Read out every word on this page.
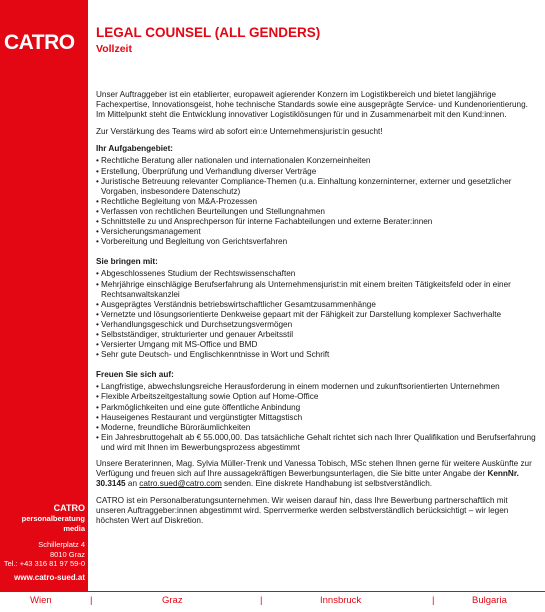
CATRO
CATRO
personalberatung
media
Schillerplatz 4
8010 Graz
Tel.: +43 316 81 97 59-0
www.catro-sued.at
LEGAL COUNSEL (ALL GENDERS)
Vollzeit

Unser Auftraggeber ist ein etablierter, europaweit agierender Konzern im Logistikbereich und bietet langjährige Fachexpertise, Innovationsgeist, hohe technische Standards sowie eine ausgeprägte Service- und Kundenorientierung. Im Mittelpunkt steht die Entwicklung innovativer Logistiklösungen für und in Zusammenarbeit mit den Kund:innen.

Zur Verstärkung des Teams wird ab sofort ein:e Unternehmensjurist:in gesucht!

Ihr Aufgabengebiet:
• Rechtliche Beratung aller nationalen und internationalen Konzerneinheiten
• Erstellung, Überprüfung und Verhandlung diverser Verträge
• Juristische Betreuung relevanter Compliance-Themen (u.a. Einhaltung konzerninterner, externer und gesetzlicher Vorgaben, insbesondere Datenschutz)
• Rechtliche Begleitung von M&A-Prozessen
• Verfassen von rechtlichen Beurteilungen und Stellungnahmen
• Schnittstelle zu und Ansprechperson für interne Fachabteilungen und externe Berater:innen
• Versicherungsmanagement
• Vorbereitung und Begleitung von Gerichtsverfahren
Sie bringen mit:
• Abgeschlossenes Studium der Rechtswissenschaften
• Mehrjährige einschlägige Berufserfahrung als Unternehmensjurist:in mit einem breiten Tätigkeitsfeld oder in einer Rechtsanwaltskanzlei
• Ausgeprägtes Verständnis betriebswirtschaftlicher Gesamtzusammenhänge
• Vernetzte und lösungsorientierte Denkweise gepaart mit der Fähigkeit zur Darstellung komplexer Sachverhalte
• Verhandlungsgeschick und Durchsetzungsvermögen
• Selbstständiger, strukturierter und genauer Arbeitsstil
• Versierter Umgang mit MS-Office und BMD
• Sehr gute Deutsch- und Englischkenntnisse in Wort und Schrift
Freuen Sie sich auf:
• Langfristige, abwechslungsreiche Herausforderung in einem modernen und zukunftsorientierten Unternehmen
• Flexible Arbeitszeitgestaltung sowie Option auf Home-Office
• Parkmöglichkeiten und eine gute öffentliche Anbindung
• Hauseigenes Restaurant und vergünstigter Mittagstisch
• Moderne, freundliche Büroräumlichkeiten
• Ein Jahresbruttogehalt ab € 55.000,00. Das tatsächliche Gehalt richtet sich nach Ihrer Qualifikation und Berufserfahrung und wird mit Ihnen im Bewerbungsprozess abgestimmt

Unsere Beraterinnen, Mag. Sylvia Müller-Trenk und Vanessa Tobisch, MSc stehen Ihnen gerne für weitere Auskünfte zur Verfügung und freuen sich auf Ihre aussagekräftigen Bewerbungsunterlagen, die Sie bitte unter Angabe der KennNr. 30.3145 an catro.sued@catro.com senden. Eine diskrete Handhabung ist selbstverständlich.

CATRO ist ein Personalberatungsunternehmen. Wir weisen darauf hin, dass Ihre Bewerbung partnerschaftlich mit unseren Auftraggeber:innen abgestimmt wird. Sperrvermerke werden selbstverständlich berücksichtigt – wir legen höchsten Wert auf Diskretion.

Wien	|	Graz	|	Innsbruck	|	Bulgaria
